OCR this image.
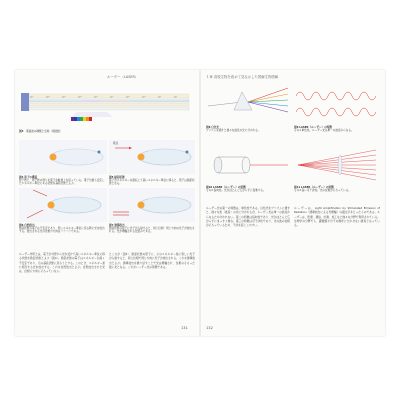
ルーザー（LASER）
10²⁴	10²²	10²⁰	10¹⁸	10¹⁶	10¹⁴	10¹²	10¹⁰	10⁸	10⁶
図3　 電磁波の種類と名称（周波数）
図4 原子の構造
原子核と、原子核の周りを電子が軌道上を回っている。電子が最も安定したエネルギー準位にある状態を基底状態とよぶ。
吸収
図5 励起状態
電子がエネルギーを吸収して高いエネルギー準位に移ると、原子は励起状態となる。
図6 自然放出
励起状態の電子は不安定であり、低いエネルギー準位に戻る際に光を放出する。放出される光の位相や方向はバラバラである。
図7 誘導放出
励起状態の原子に光子が入射すると、同じ位相・同じ方向の光子が放出される。光が増幅される仕組みである。
ルーザー作用とは、電子が外部から光を受けて高いエネルギー準位に移る状態を励起状態とよぶ（図4）。励起状態の電子はエネルギーが高く不安定であり、元の基底状態に戻ろうとする。このとき、エネルギー差に相当する光を放出する。これを自然放出とよぶ。自然放出された光は、位相も方向もそろっていない。
ところが（図5）、励起状態の原子に、そのエネルギー差に等しい光子が入射すると、同じ位相で同じ方向に光子が放出される。これを誘導放出とよぶ。誘導放出を繰り返すことで光は増幅され、位相のそろった強い光となる。これがレーザー光の原理である。
131
１章 高校生物を改めて見なおした図解生物図解
図8 白色光
プリズムを通すと様々な波長の光に分かれる。
図9 LASER（ルーザー）の特徴
その1 単色性。ルーザー光は単一の波長からなる。
図10 LASER（ルーザー）の特徴
その2 指向性。光がほとんど広がらずに直進する。
図11 LASER（ルーザー）の特徴
その3 高い可干渉性。光の位相がそろっている。
ルーザー光の第一の特徴は、単色性である。白色光をプリズムに通すと、様々な色（波長）の光に分かれるが、ルーザー光は単一の波長からなるため分かれない。第二の特徴は指向性であり、光がほとんど広がらずにまっすぐ進む。第三の特徴は可干渉性であり、光の波の位相がそろっているため、干渉を起こしやすい。
ルーザーは、Light Amplification by Stimulated Emission of Radiation（誘導放出による光増幅）の頭文字をとったものである。ルーザーは、医療、通信、計測、加工など様々な分野で利用されている。生物学の分野でも、顕微鏡や分子の操作に欠かせない道具となっている。
132
